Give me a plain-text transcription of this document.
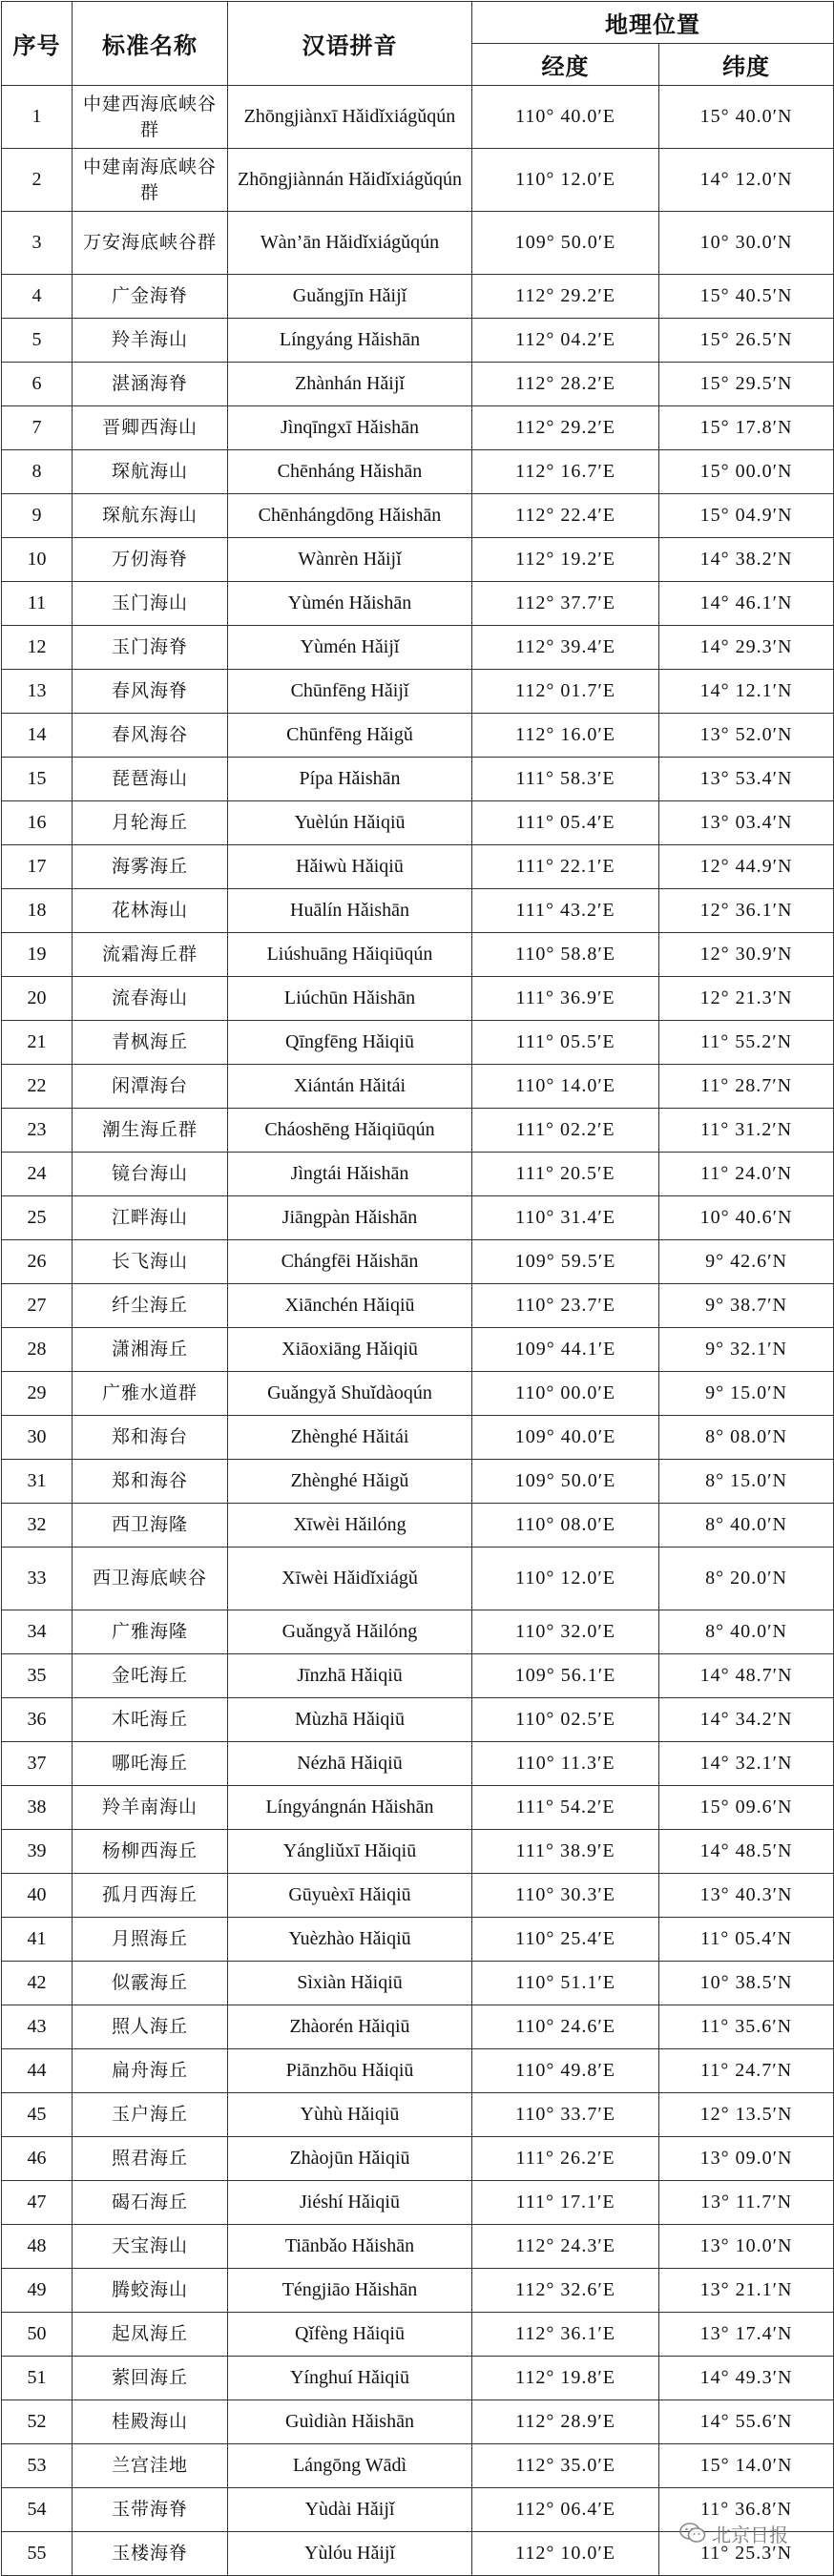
序号	标准名称	汉语拼音	地理位置	
			经度	纬度
1	中建西海底峡谷群	Zhōngjiànxī Hǎidǐxiágǔqún	110° 40.0′E	15° 40.0′N
2	中建南海底峡谷群	Zhōngjiànnán Hǎidǐxiágǔqún	110° 12.0′E	14° 12.0′N
3	万安海底峡谷群	Wàn’ān Hǎidǐxiágǔqún	109° 50.0′E	10° 30.0′N
4	广金海脊	Guǎngjīn Hǎijǐ	112° 29.2′E	15° 40.5′N
5	羚羊海山	Língyáng Hǎishān	112° 04.2′E	15° 26.5′N
6	湛涵海脊	Zhànhán Hǎijǐ	112° 28.2′E	15° 29.5′N
7	晋卿西海山	Jìnqīngxī Hǎishān	112° 29.2′E	15° 17.8′N
8	琛航海山	Chēnháng Hǎishān	112° 16.7′E	15° 00.0′N
9	琛航东海山	Chēnhángdōng Hǎishān	112° 22.4′E	15° 04.9′N
10	万仞海脊	Wànrèn Hǎijǐ	112° 19.2′E	14° 38.2′N
11	玉门海山	Yùmén Hǎishān	112° 37.7′E	14° 46.1′N
12	玉门海脊	Yùmén Hǎijǐ	112° 39.4′E	14° 29.3′N
13	春风海脊	Chūnfēng Hǎijǐ	112° 01.7′E	14° 12.1′N
14	春风海谷	Chūnfēng Hǎigǔ	112° 16.0′E	13° 52.0′N
15	琵琶海山	Pípa Hǎishān	111° 58.3′E	13° 53.4′N
16	月轮海丘	Yuèlún Hǎiqiū	111° 05.4′E	13° 03.4′N
17	海雾海丘	Hǎiwù Hǎiqiū	111° 22.1′E	12° 44.9′N
18	花林海山	Huālín Hǎishān	111° 43.2′E	12° 36.1′N
19	流霜海丘群	Liúshuāng Hǎiqiūqún	110° 58.8′E	12° 30.9′N
20	流春海山	Liúchūn Hǎishān	111° 36.9′E	12° 21.3′N
21	青枫海丘	Qīngfēng Hǎiqiū	111° 05.5′E	11° 55.2′N
22	闲潭海台	Xiántán Hǎitái	110° 14.0′E	11° 28.7′N
23	潮生海丘群	Cháoshēng Hǎiqiūqún	111° 02.2′E	11° 31.2′N
24	镜台海山	Jìngtái Hǎishān	111° 20.5′E	11° 24.0′N
25	江畔海山	Jiāngpàn Hǎishān	110° 31.4′E	10° 40.6′N
26	长飞海山	Chángfēi Hǎishān	109° 59.5′E	9° 42.6′N
27	纤尘海丘	Xiānchén Hǎiqiū	110° 23.7′E	9° 38.7′N
28	潇湘海丘	Xiāoxiāng Hǎiqiū	109° 44.1′E	9° 32.1′N
29	广雅水道群	Guǎngyǎ Shuǐdàoqún	110° 00.0′E	9° 15.0′N
30	郑和海台	Zhènghé Hǎitái	109° 40.0′E	8° 08.0′N
31	郑和海谷	Zhènghé Hǎigǔ	109° 50.0′E	8° 15.0′N
32	西卫海隆	Xīwèi Hǎilóng	110° 08.0′E	8° 40.0′N
33	西卫海底峡谷	Xīwèi Hǎidǐxiágǔ	110° 12.0′E	8° 20.0′N
34	广雅海隆	Guǎngyǎ Hǎilóng	110° 32.0′E	8° 40.0′N
35	金吒海丘	Jīnzhā Hǎiqiū	109° 56.1′E	14° 48.7′N
36	木吒海丘	Mùzhā Hǎiqiū	110° 02.5′E	14° 34.2′N
37	哪吒海丘	Nézhā Hǎiqiū	110° 11.3′E	14° 32.1′N
38	羚羊南海山	Língyángnán Hǎishān	111° 54.2′E	15° 09.6′N
39	杨柳西海丘	Yángliǔxī Hǎiqiū	111° 38.9′E	14° 48.5′N
40	孤月西海丘	Gūyuèxī Hǎiqiū	110° 30.3′E	13° 40.3′N
41	月照海丘	Yuèzhào Hǎiqiū	110° 25.4′E	11° 05.4′N
42	似霰海丘	Sìxiàn Hǎiqiū	110° 51.1′E	10° 38.5′N
43	照人海丘	Zhàorén Hǎiqiū	110° 24.6′E	11° 35.6′N
44	扁舟海丘	Piānzhōu Hǎiqiū	110° 49.8′E	11° 24.7′N
45	玉户海丘	Yùhù Hǎiqiū	110° 33.7′E	12° 13.5′N
46	照君海丘	Zhàojūn Hǎiqiū	111° 26.2′E	13° 09.0′N
47	碣石海丘	Jiéshí Hǎiqiū	111° 17.1′E	13° 11.7′N
48	天宝海山	Tiānbǎo Hǎishān	112° 24.3′E	13° 10.0′N
49	腾蛟海山	Téngjiāo Hǎishān	112° 32.6′E	13° 21.1′N
50	起凤海丘	Qǐfèng Hǎiqiū	112° 36.1′E	13° 17.4′N
51	萦回海丘	Yínghuí Hǎiqiū	112° 19.8′E	14° 49.3′N
52	桂殿海山	Guìdiàn Hǎishān	112° 28.9′E	14° 55.6′N
53	兰宫洼地	Lángōng Wādì	112° 35.0′E	15° 14.0′N
54	玉带海脊	Yùdài Hǎijǐ	112° 06.4′E	11° 36.8′N
55	玉楼海脊	Yùlóu Hǎijǐ	112° 10.0′E	11° 25.3′N
北京日报
